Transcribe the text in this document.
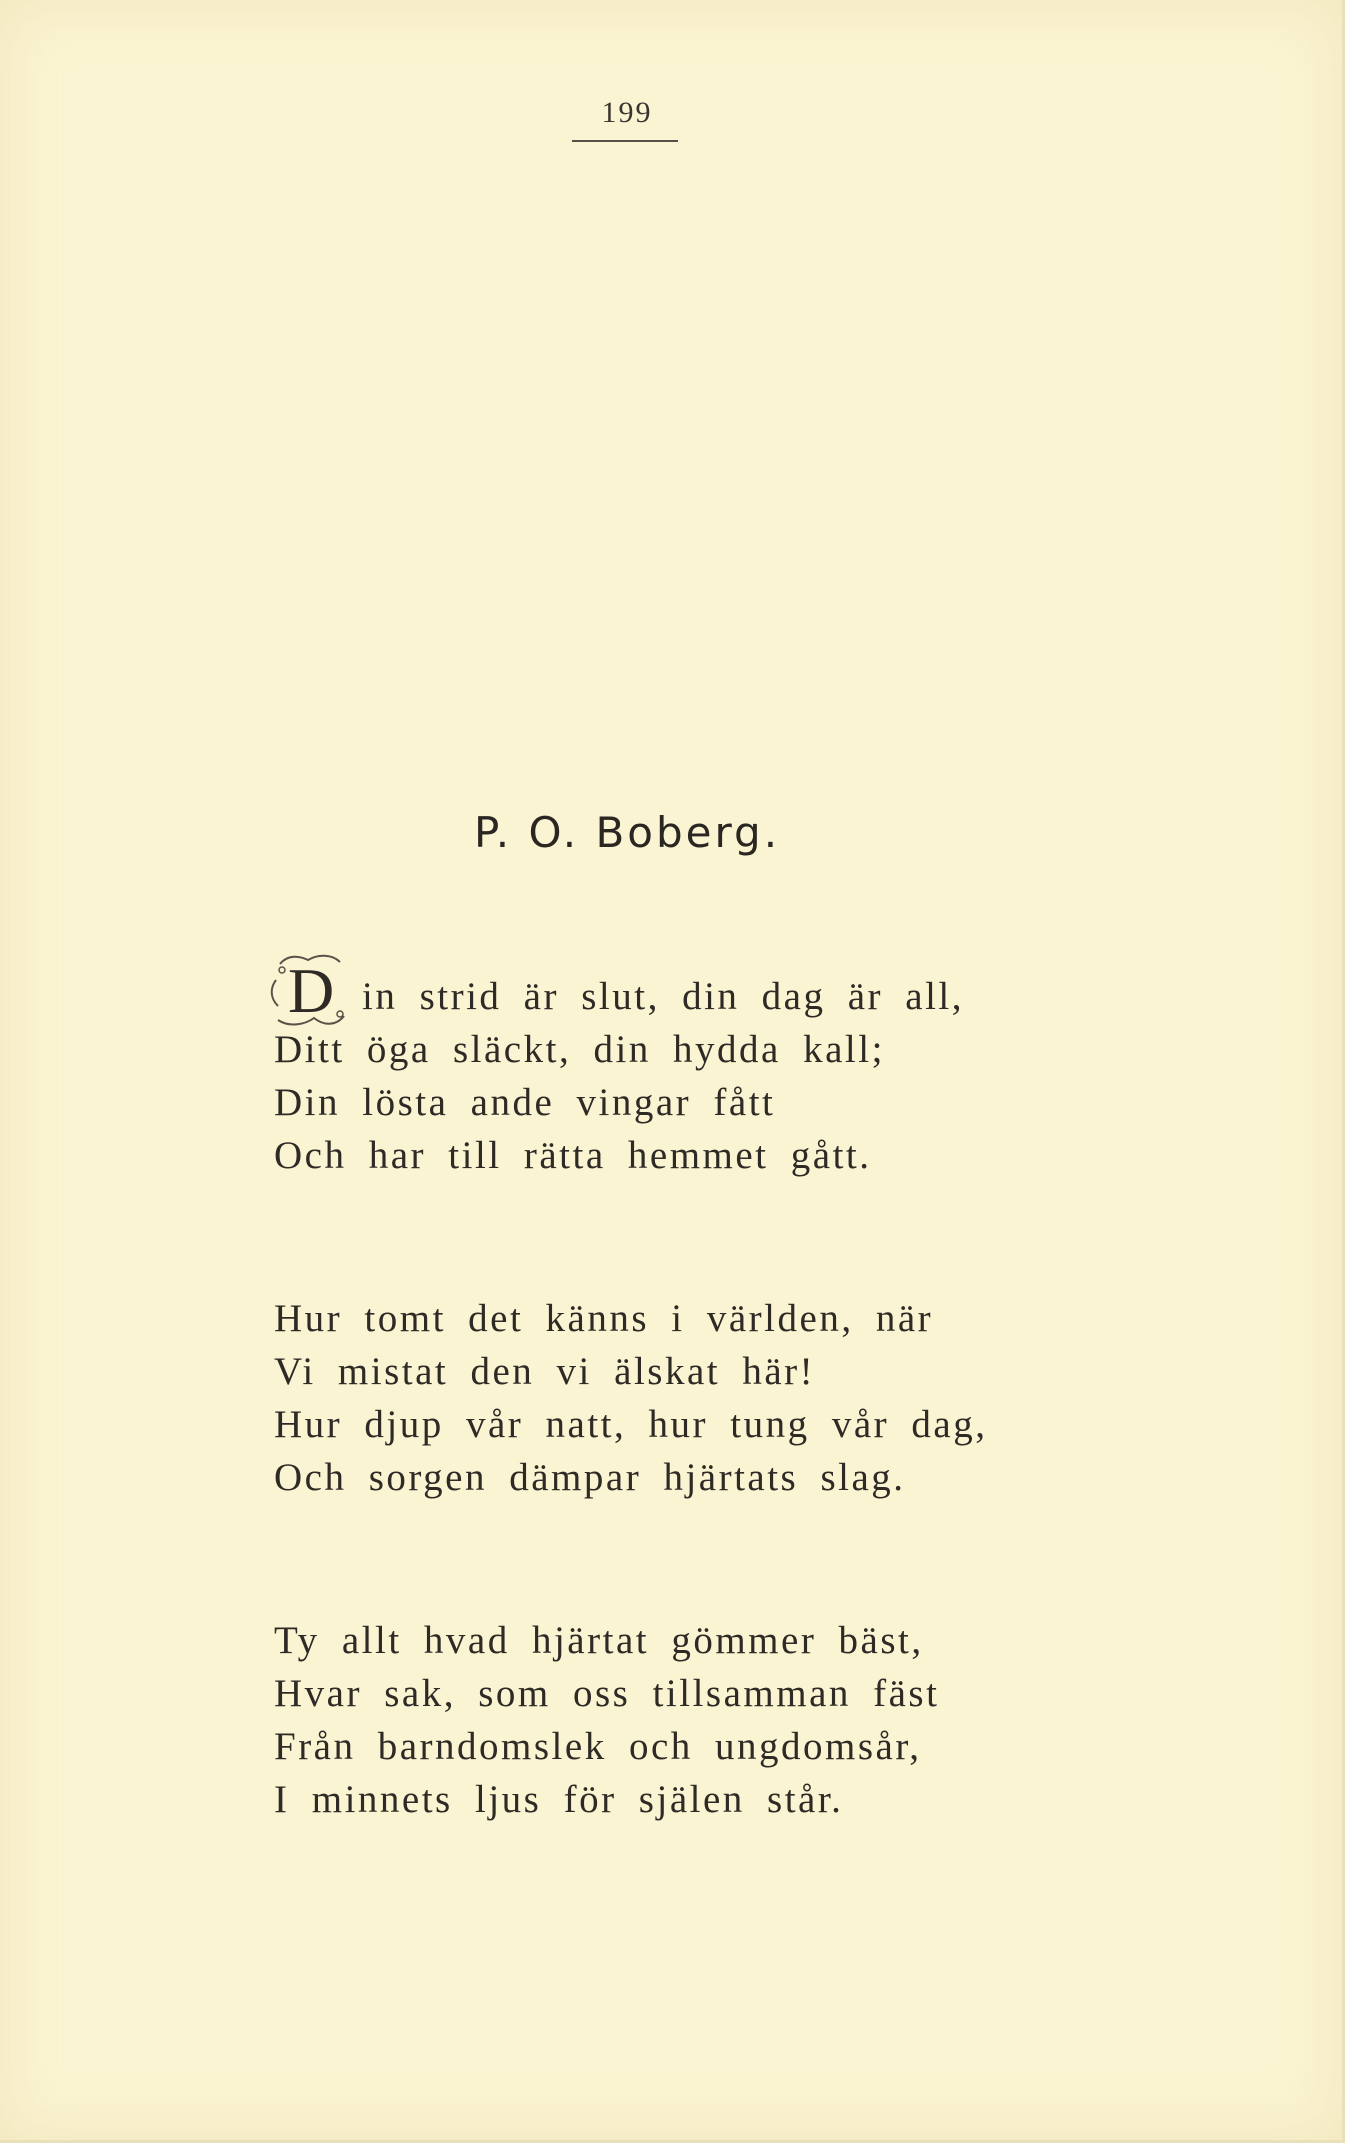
199
P. O. Boberg.
D in strid är slut, din dag är all,
Ditt öga släckt, din hydda kall;
Din lösta ande vingar fått
Och har till rätta hemmet gått.
Hur tomt det känns i världen, när
Vi mistat den vi älskat här!
Hur djup vår natt, hur tung vår dag,
Och sorgen dämpar hjärtats slag.
Ty allt hvad hjärtat gömmer bäst,
Hvar sak, som oss tillsamman fäst
Från barndomslek och ungdomsår,
I minnets ljus för själen står.
